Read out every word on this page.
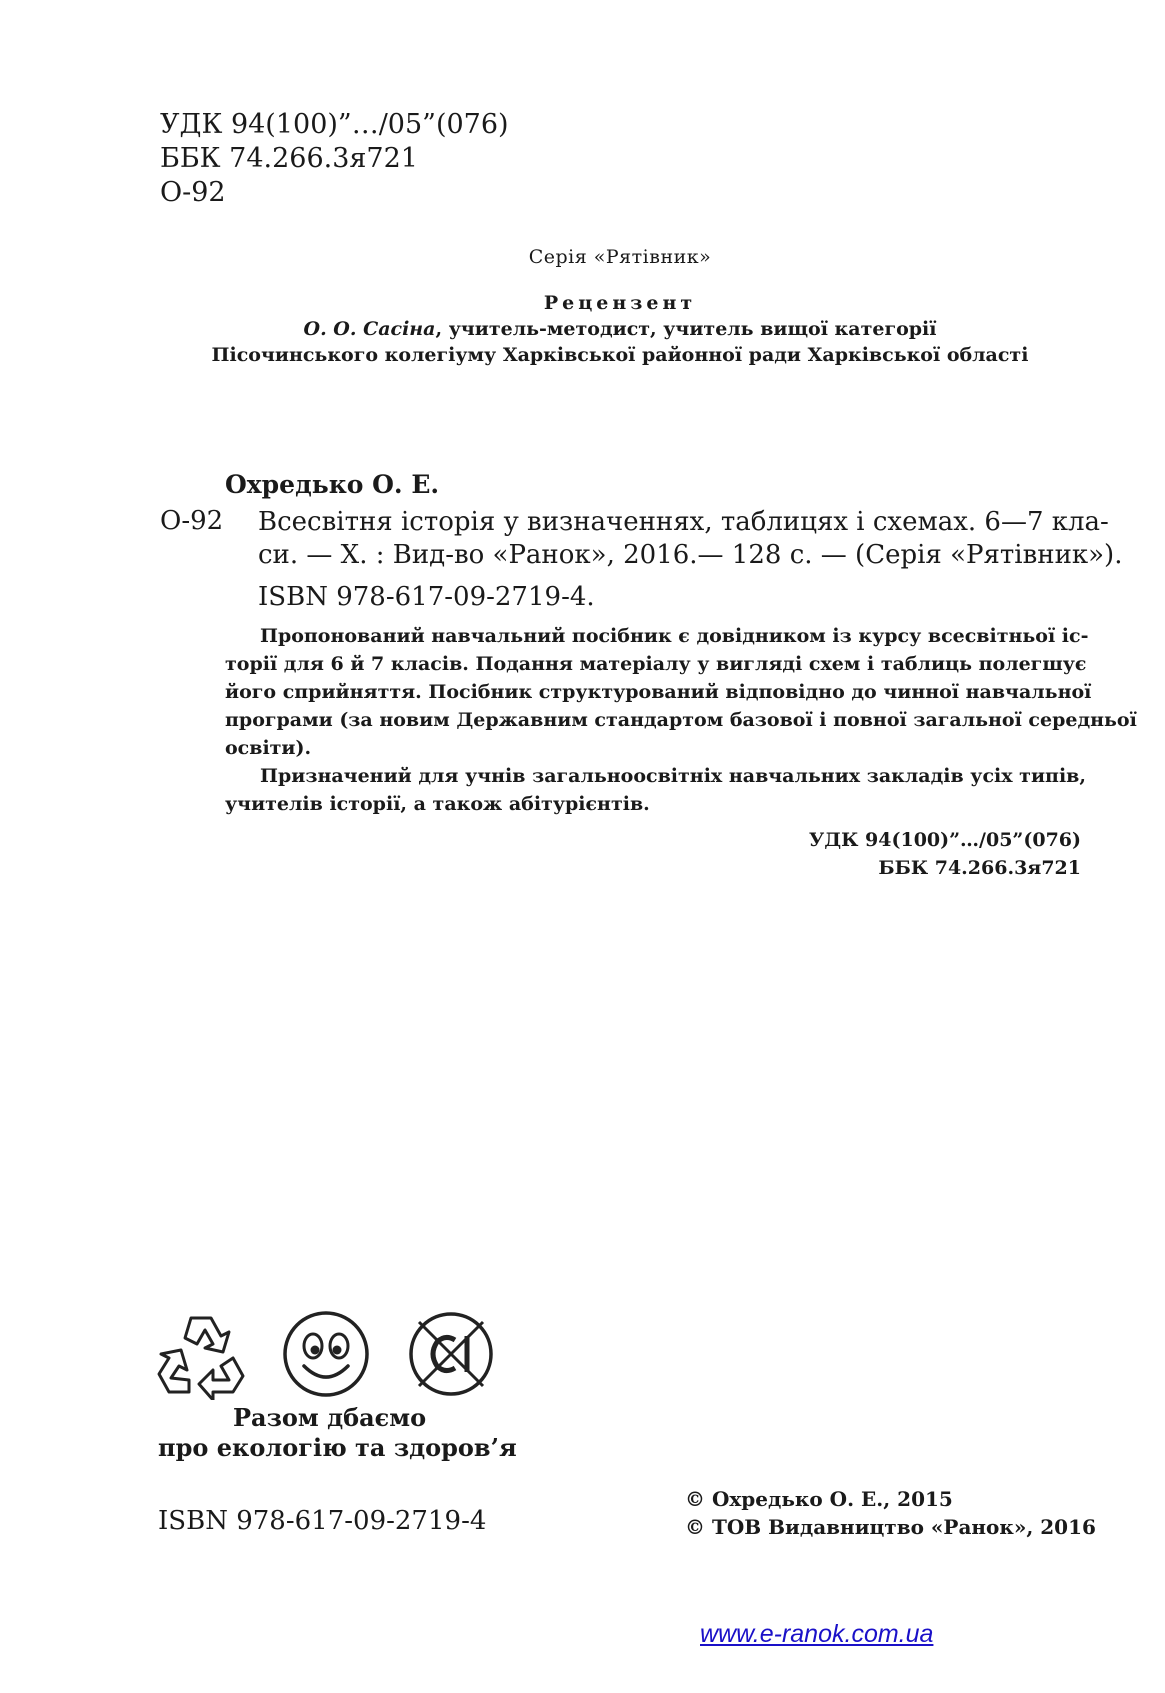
УДК 94(100)”…/05”(076)
ББК 74.266.3я721
О-92
Серія «Рятівник»
Рецензент
О. О. Сасіна, учитель-методист, учитель вищої категорії
Пісочинського колегіуму Харківської районної ради Харківської області
Охредько О. Е.
О-92 Всесвітня історія у визначеннях, таблицях і схемах. 6—7 кла-
си. — Х. : Вид-во «Ранок», 2016.— 128 с. — (Серія «Рятівник»).
ISBN 978-617-09-2719-4.
Пропонований навчальний посібник є довідником із курсу всесвітньої іс-
торії для 6 й 7 класів. Подання матеріалу у вигляді схем і таблиць полегшує
його сприйняття. Посібник структурований відповідно до чинної навчальної
програми (за новим Державним стандартом базової і повної загальної середньої
освіти).
Призначений для учнів загальноосвітніх навчальних закладів усіх типів,
учителів історії, а також абітурієнтів.
УДК 94(100)”…/05”(076)
ББК 74.266.3я721
Разом дбаємо
про екологію та здоров’я
ISBN 978-617-09-2719-4
© Охредько О. Е., 2015
© ТОВ Видавництво «Ранок», 2016
www.e-ranok.com.ua
